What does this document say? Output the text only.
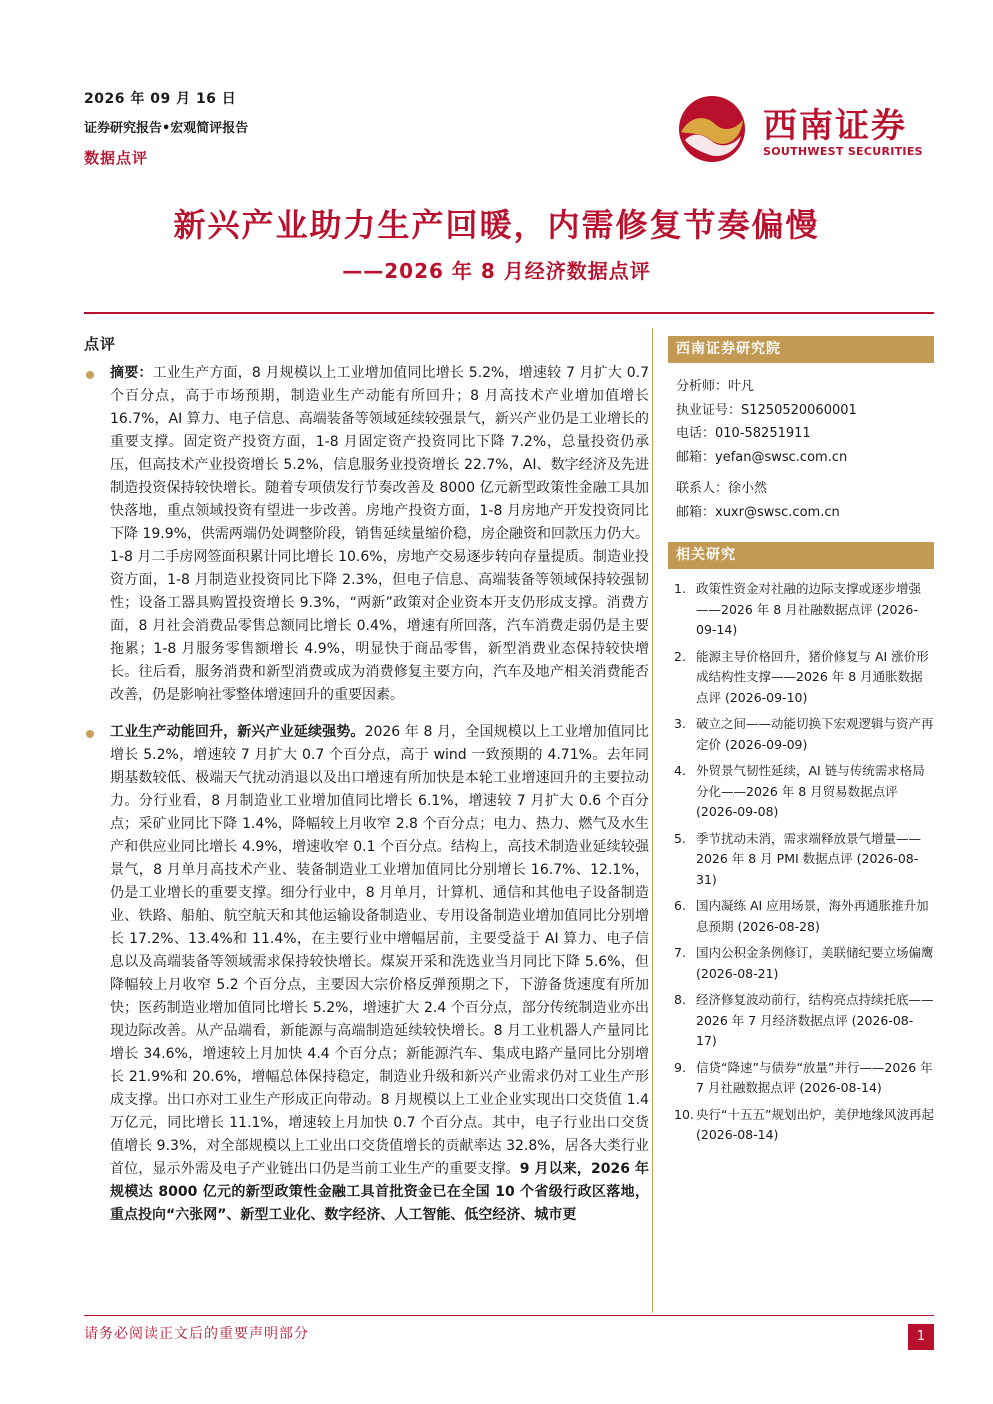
2026 年 09 月 16 日
证券研究报告•宏观简评报告
数据点评
西南证券
SOUTHWEST SECURITIES
新兴产业助力生产回暖，内需修复节奏偏慢
——2026 年 8 月经济数据点评
点评
摘要：工业生产方面，8 月规模以上工业增加值同比增长 5.2%，增速较 7 月扩大 0.7 个百分点，高于市场预期，制造业生产动能有所回升；8 月高技术产业增加值增长 16.7%，AI 算力、电子信息、高端装备等领域延续较强景气，新兴产业仍是工业增长的重要支撑。固定资产投资方面，1-8 月固定资产投资同比下降 7.2%，总量投资仍承压，但高技术产业投资增长 5.2%，信息服务业投资增长 22.7%，AI、数字经济及先进制造投资保持较快增长。随着专项债发行节奏改善及 8000 亿元新型政策性金融工具加快落地，重点领域投资有望进一步改善。房地产投资方面，1-8 月房地产开发投资同比下降 19.9%，供需两端仍处调整阶段，销售延续量缩价稳，房企融资和回款压力仍大。1-8 月二手房网签面积累计同比增长 10.6%，房地产交易逐步转向存量提质。制造业投资方面，1-8 月制造业投资同比下降 2.3%，但电子信息、高端装备等领域保持较强韧性；设备工器具购置投资增长 9.3%，“两新”政策对企业资本开支仍形成支撑。消费方面，8 月社会消费品零售总额同比增长 0.4%，增速有所回落，汽车消费走弱仍是主要拖累；1-8 月服务零售额增长 4.9%，明显快于商品零售，新型消费业态保持较快增长。往后看，服务消费和新型消费或成为消费修复主要方向，汽车及地产相关消费能否改善，仍是影响社零整体增速回升的重要因素。
工业生产动能回升，新兴产业延续强势。2026 年 8 月，全国规模以上工业增加值同比增长 5.2%，增速较 7 月扩大 0.7 个百分点，高于 wind 一致预期的 4.71%。去年同期基数较低、极端天气扰动消退以及出口增速有所加快是本轮工业增速回升的主要拉动力。分行业看，8 月制造业工业增加值同比增长 6.1%，增速较 7 月扩大 0.6 个百分点；采矿业同比下降 1.4%，降幅较上月收窄 2.8 个百分点；电力、热力、燃气及水生产和供应业同比增长 4.9%，增速收窄 0.1 个百分点。结构上，高技术制造业延续较强景气，8 月单月高技术产业、装备制造业工业增加值同比分别增长 16.7%、12.1%，仍是工业增长的重要支撑。细分行业中，8 月单月，计算机、通信和其他电子设备制造业、铁路、船舶、航空航天和其他运输设备制造业、专用设备制造业增加值同比分别增长 17.2%、13.4%和 11.4%，在主要行业中增幅居前，主要受益于 AI 算力、电子信息以及高端装备等领域需求保持较快增长。煤炭开采和洗选业当月同比下降 5.6%，但降幅较上月收窄 5.2 个百分点，主要因大宗价格反弹预期之下，下游备货速度有所加快；医药制造业增加值同比增长 5.2%，增速扩大 2.4 个百分点，部分传统制造业亦出现边际改善。从产品端看，新能源与高端制造延续较快增长。8 月工业机器人产量同比增长 34.6%，增速较上月加快 4.4 个百分点；新能源汽车、集成电路产量同比分别增长 21.9%和 20.6%，增幅总体保持稳定，制造业升级和新兴产业需求仍对工业生产形成支撑。出口亦对工业生产形成正向带动。8 月规模以上工业企业实现出口交货值 1.4 万亿元，同比增长 11.1%，增速较上月加快 0.7 个百分点。其中，电子行业出口交货值增长 9.3%，对全部规模以上工业出口交货值增长的贡献率达 32.8%，居各大类行业首位，显示外需及电子产业链出口仍是当前工业生产的重要支撑。9 月以来，2026 年规模达 8000 亿元的新型政策性金融工具首批资金已在全国 10 个省级行政区落地，重点投向“六张网”、新型工业化、数字经济、人工智能、低空经济、城市更
西南证券研究院
分析师：叶凡
执业证号：S1250520060001
电话：010-58251911
邮箱：yefan@swsc.com.cn
联系人：徐小然
邮箱：xuxr@swsc.com.cn
相关研究
1. 政策性资金对社融的边际支撑或逐步增强——2026 年 8 月社融数据点评 (2026-09-14)
2. 能源主导价格回升，猪价修复与 AI 涨价形成结构性支撑——2026 年 8 月通胀数据点评 (2026-09-10)
3. 破立之间——动能切换下宏观逻辑与资产再定价 (2026-09-09)
4. 外贸景气韧性延续，AI 链与传统需求格局分化——2026 年 8 月贸易数据点评 (2026-09-08)
5. 季节扰动未消，需求端释放景气增量——2026 年 8 月 PMI 数据点评 (2026-08-31)
6. 国内凝练 AI 应用场景，海外再通胀推升加息预期 (2026-08-28)
7. 国内公积金条例修订，美联储纪要立场偏鹰 (2026-08-21)
8. 经济修复波动前行，结构亮点持续托底——2026 年 7 月经济数据点评 (2026-08-17)
9. 信贷“降速”与债券“放量”并行——2026 年 7 月社融数据点评 (2026-08-14)
10. 央行“十五五”规划出炉，美伊地缘风波再起 (2026-08-14)
请务必阅读正文后的重要声明部分	1
